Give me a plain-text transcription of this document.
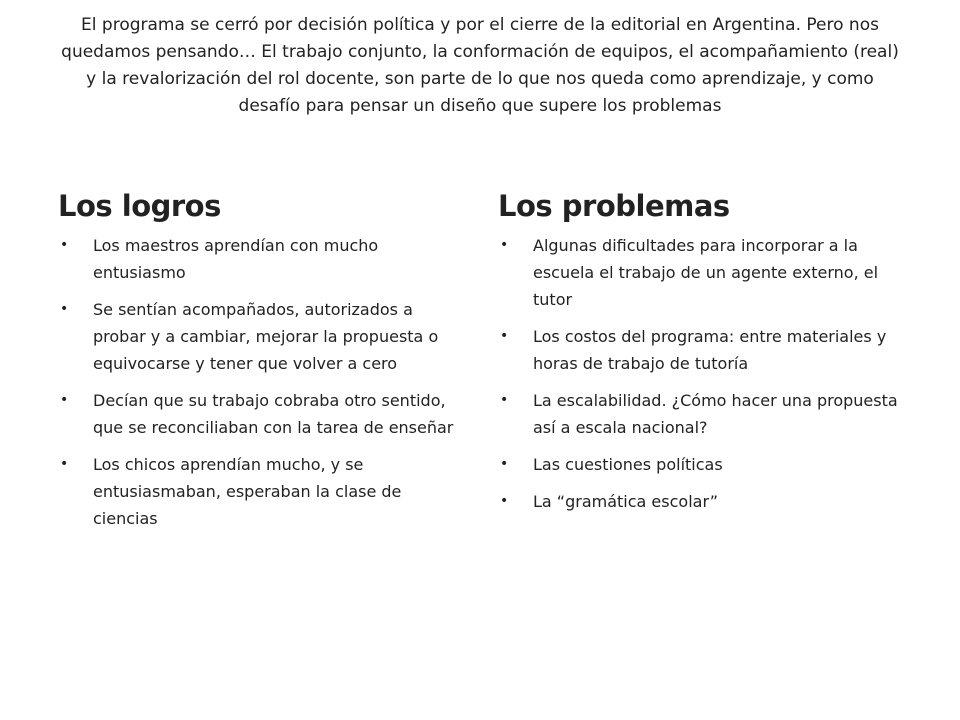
El programa se cerró por decisión política y por el cierre de la editorial en Argentina. Pero nos quedamos pensando… El trabajo conjunto, la conformación de equipos, el acompañamiento (real) y la revalorización del rol docente, son parte de lo que nos queda como aprendizaje, y como desafío para pensar un diseño que supere los problemas

Los logros
• Los maestros aprendían con mucho entusiasmo
• Se sentían acompañados, autorizados a probar y a cambiar, mejorar la propuesta o equivocarse y tener que volver a cero
• Decían que su trabajo cobraba otro sentido, que se reconciliaban con la tarea de enseñar
• Los chicos aprendían mucho, y se entusiasmaban, esperaban la clase de ciencias
Los problemas
• Algunas dificultades para incorporar a la escuela el trabajo de un agente externo, el tutor
• Los costos del programa: entre materiales y horas de trabajo de tutoría
• La escalabilidad. ¿Cómo hacer una propuesta así a escala nacional?
• Las cuestiones políticas
• La “gramática escolar”
